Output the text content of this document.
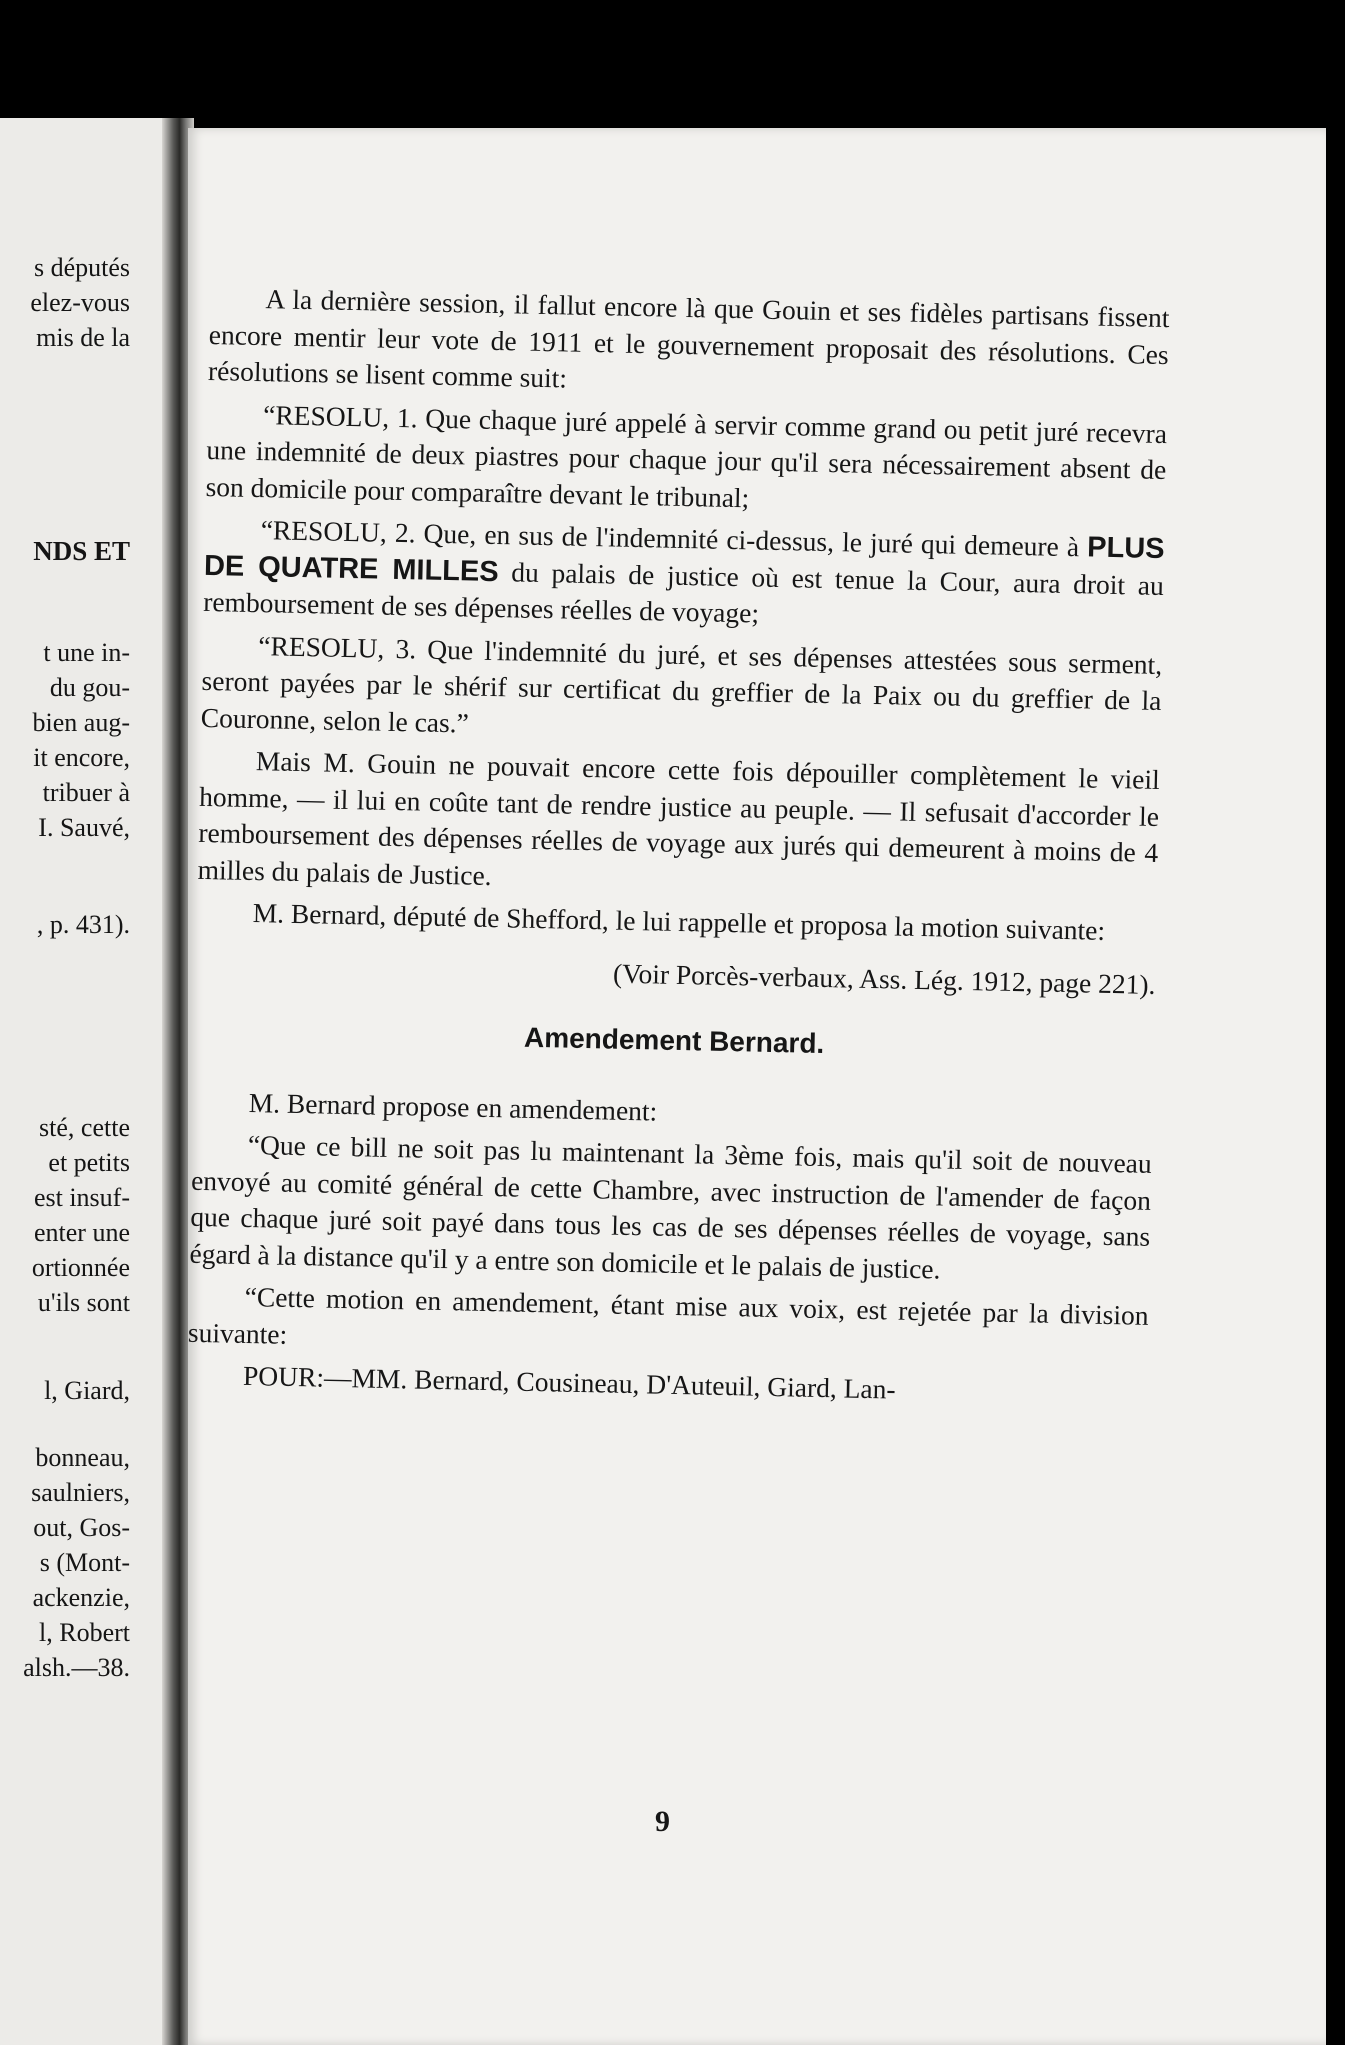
s députés
elez-vous
mis de la
NDS ET
t une in-
du gou-
bien aug-
it encore,
tribuer à
I. Sauvé,
, p. 431).
sté, cette
et petits
est insuf-
enter une
ortionnée
u'ils sont
l, Giard,
bonneau,
saulniers,
out, Gos-
s (Mont-
ackenzie,
l, Robert
alsh.—38.

A la dernière session, il fallut encore là que Gouin et ses fidèles partisans fissent encore mentir leur vote de 1911 et le gouvernement proposait des résolutions. Ces résolutions se lisent comme suit:

“RESOLU, 1. Que chaque juré appelé à servir comme grand ou petit juré recevra une indemnité de deux piastres pour chaque jour qu'il sera nécessairement absent de son domicile pour comparaître devant le tribunal;

“RESOLU, 2. Que, en sus de l'indemnité ci-dessus, le juré qui demeure à PLUS DE QUATRE MILLES du palais de justice où est tenue la Cour, aura droit au remboursement de ses dépenses réelles de voyage;

“RESOLU, 3. Que l'indemnité du juré, et ses dépenses attestées sous serment, seront payées par le shérif sur certificat du greffier de la Paix ou du greffier de la Couronne, selon le cas.”

Mais M. Gouin ne pouvait encore cette fois dépouiller complètement le vieil homme, — il lui en coûte tant de rendre justice au peuple. — Il sefusait d'accorder le remboursement des dépenses réelles de voyage aux jurés qui demeurent à moins de 4 milles du palais de Justice.

M. Bernard, député de Shefford, le lui rappelle et proposa la motion suivante:

(Voir Porcès-verbaux, Ass. Lég. 1912, page 221).

Amendement Bernard.

M. Bernard propose en amendement:

“Que ce bill ne soit pas lu maintenant la 3ème fois, mais qu'il soit de nouveau envoyé au comité général de cette Chambre, avec instruction de l'amender de façon que chaque juré soit payé dans tous les cas de ses dépenses réelles de voyage, sans égard à la distance qu'il y a entre son domicile et le palais de justice.

“Cette motion en amendement, étant mise aux voix, est rejetée par la division suivante:

POUR:—MM. Bernard, Cousineau, D'Auteuil, Giard, Lan-

9
